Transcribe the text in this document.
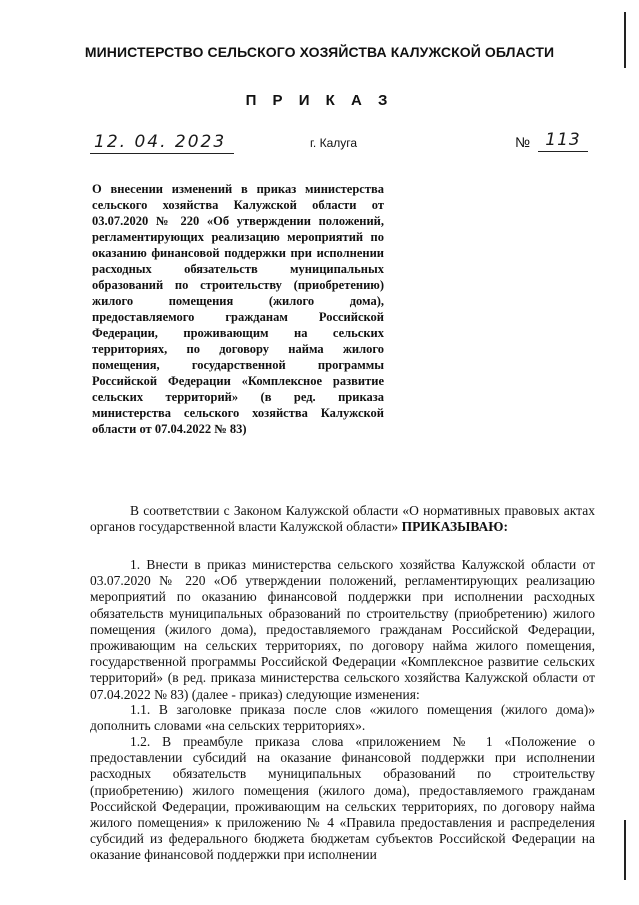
МИНИСТЕРСТВО СЕЛЬСКОГО ХОЗЯЙСТВА КАЛУЖСКОЙ ОБЛАСТИ
П Р И К А З
12. 04. 2023	г. Калуга	№ 113
О внесении изменений в приказ министерства сельского хозяйства Калужской области от 03.07.2020 № 220 «Об утверждении положений, регламентирующих реализацию мероприятий по оказанию финансовой поддержки при исполнении расходных обязательств муниципальных образований по строительству (приобретению) жилого помещения (жилого дома), предоставляемого гражданам Российской Федерации, проживающим на сельских территориях, по договору найма жилого помещения, государственной программы Российской Федерации «Комплексное развитие сельских территорий» (в ред. приказа министерства сельского хозяйства Калужской области от 07.04.2022 № 83)
В соответствии с Законом Калужской области «О нормативных правовых актах органов государственной власти Калужской области» ПРИКАЗЫВАЮ:
1. Внести в приказ министерства сельского хозяйства Калужской области от 03.07.2020 № 220 «Об утверждении положений, регламентирующих реализацию мероприятий по оказанию финансовой поддержки при исполнении расходных обязательств муниципальных образований по строительству (приобретению) жилого помещения (жилого дома), предоставляемого гражданам Российской Федерации, проживающим на сельских территориях, по договору найма жилого помещения, государственной программы Российской Федерации «Комплексное развитие сельских территорий» (в ред. приказа министерства сельского хозяйства Калужской области от 07.04.2022 № 83) (далее - приказ) следующие изменения:
1.1. В заголовке приказа после слов «жилого помещения (жилого дома)» дополнить словами «на сельских территориях».
1.2. В преамбуле приказа слова «приложением № 1 «Положение о предоставлении субсидий на оказание финансовой поддержки при исполнении расходных обязательств муниципальных образований по строительству (приобретению) жилого помещения (жилого дома), предоставляемого гражданам Российской Федерации, проживающим на сельских территориях, по договору найма жилого помещения» к приложению № 4 «Правила предоставления и распределения субсидий из федерального бюджета бюджетам субъектов Российской Федерации на оказание финансовой поддержки при исполнении
